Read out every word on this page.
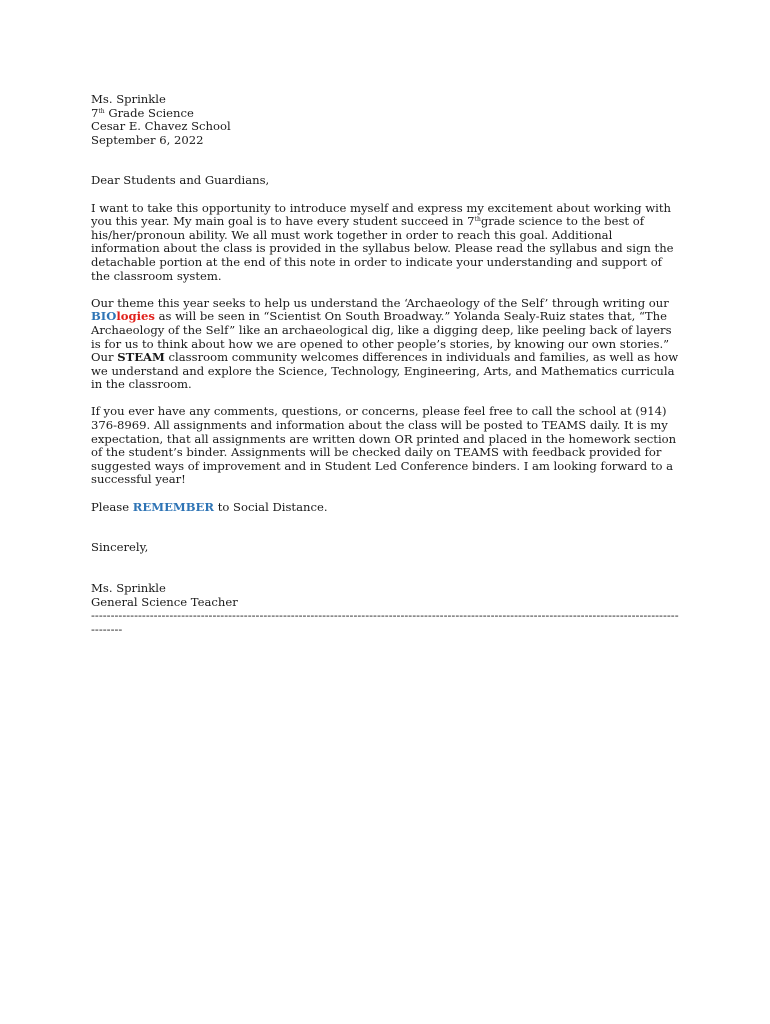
Ms. Sprinkle
7th Grade Science
Cesar E. Chavez School
September 6, 2022
Dear Students and Guardians,
I want to take this opportunity to introduce myself and express my excitement about working with you this year. My main goal is to have every student succeed in 7thgrade science to the best of his/her/pronoun ability. We all must work together in order to reach this goal. Additional information about the class is provided in the syllabus below. Please read the syllabus and sign the detachable portion at the end of this note in order to indicate your understanding and support of the classroom system.
Our theme this year seeks to help us understand the ‘Archaeology of the Self’ through writing our BIOlogies as will be seen in “Scientist On South Broadway.” Yolanda Sealy-Ruiz states that, “The Archaeology of the Self” like an archaeological dig, like a digging deep, like peeling back of layers is for us to think about how we are opened to other people’s stories, by knowing our own stories.” Our STEAM classroom community welcomes differences in individuals and families, as well as how we understand and explore the Science, Technology, Engineering, Arts, and Mathematics curricula in the classroom.
If you ever have any comments, questions, or concerns, please feel free to call the school at (914) 376-8969. All assignments and information about the class will be posted to TEAMS daily. It is my expectation, that all assignments are written down OR printed and placed in the homework section of the student’s binder. Assignments will be checked daily on TEAMS with feedback provided for suggested ways of improvement and in Student Led Conference binders. I am looking forward to a successful year!
Please REMEMBER to Social Distance.
Sincerely,
Ms. Sprinkle
General Science Teacher
--------------------------------------------------------------------------------------------------------------------------------------------------------------
